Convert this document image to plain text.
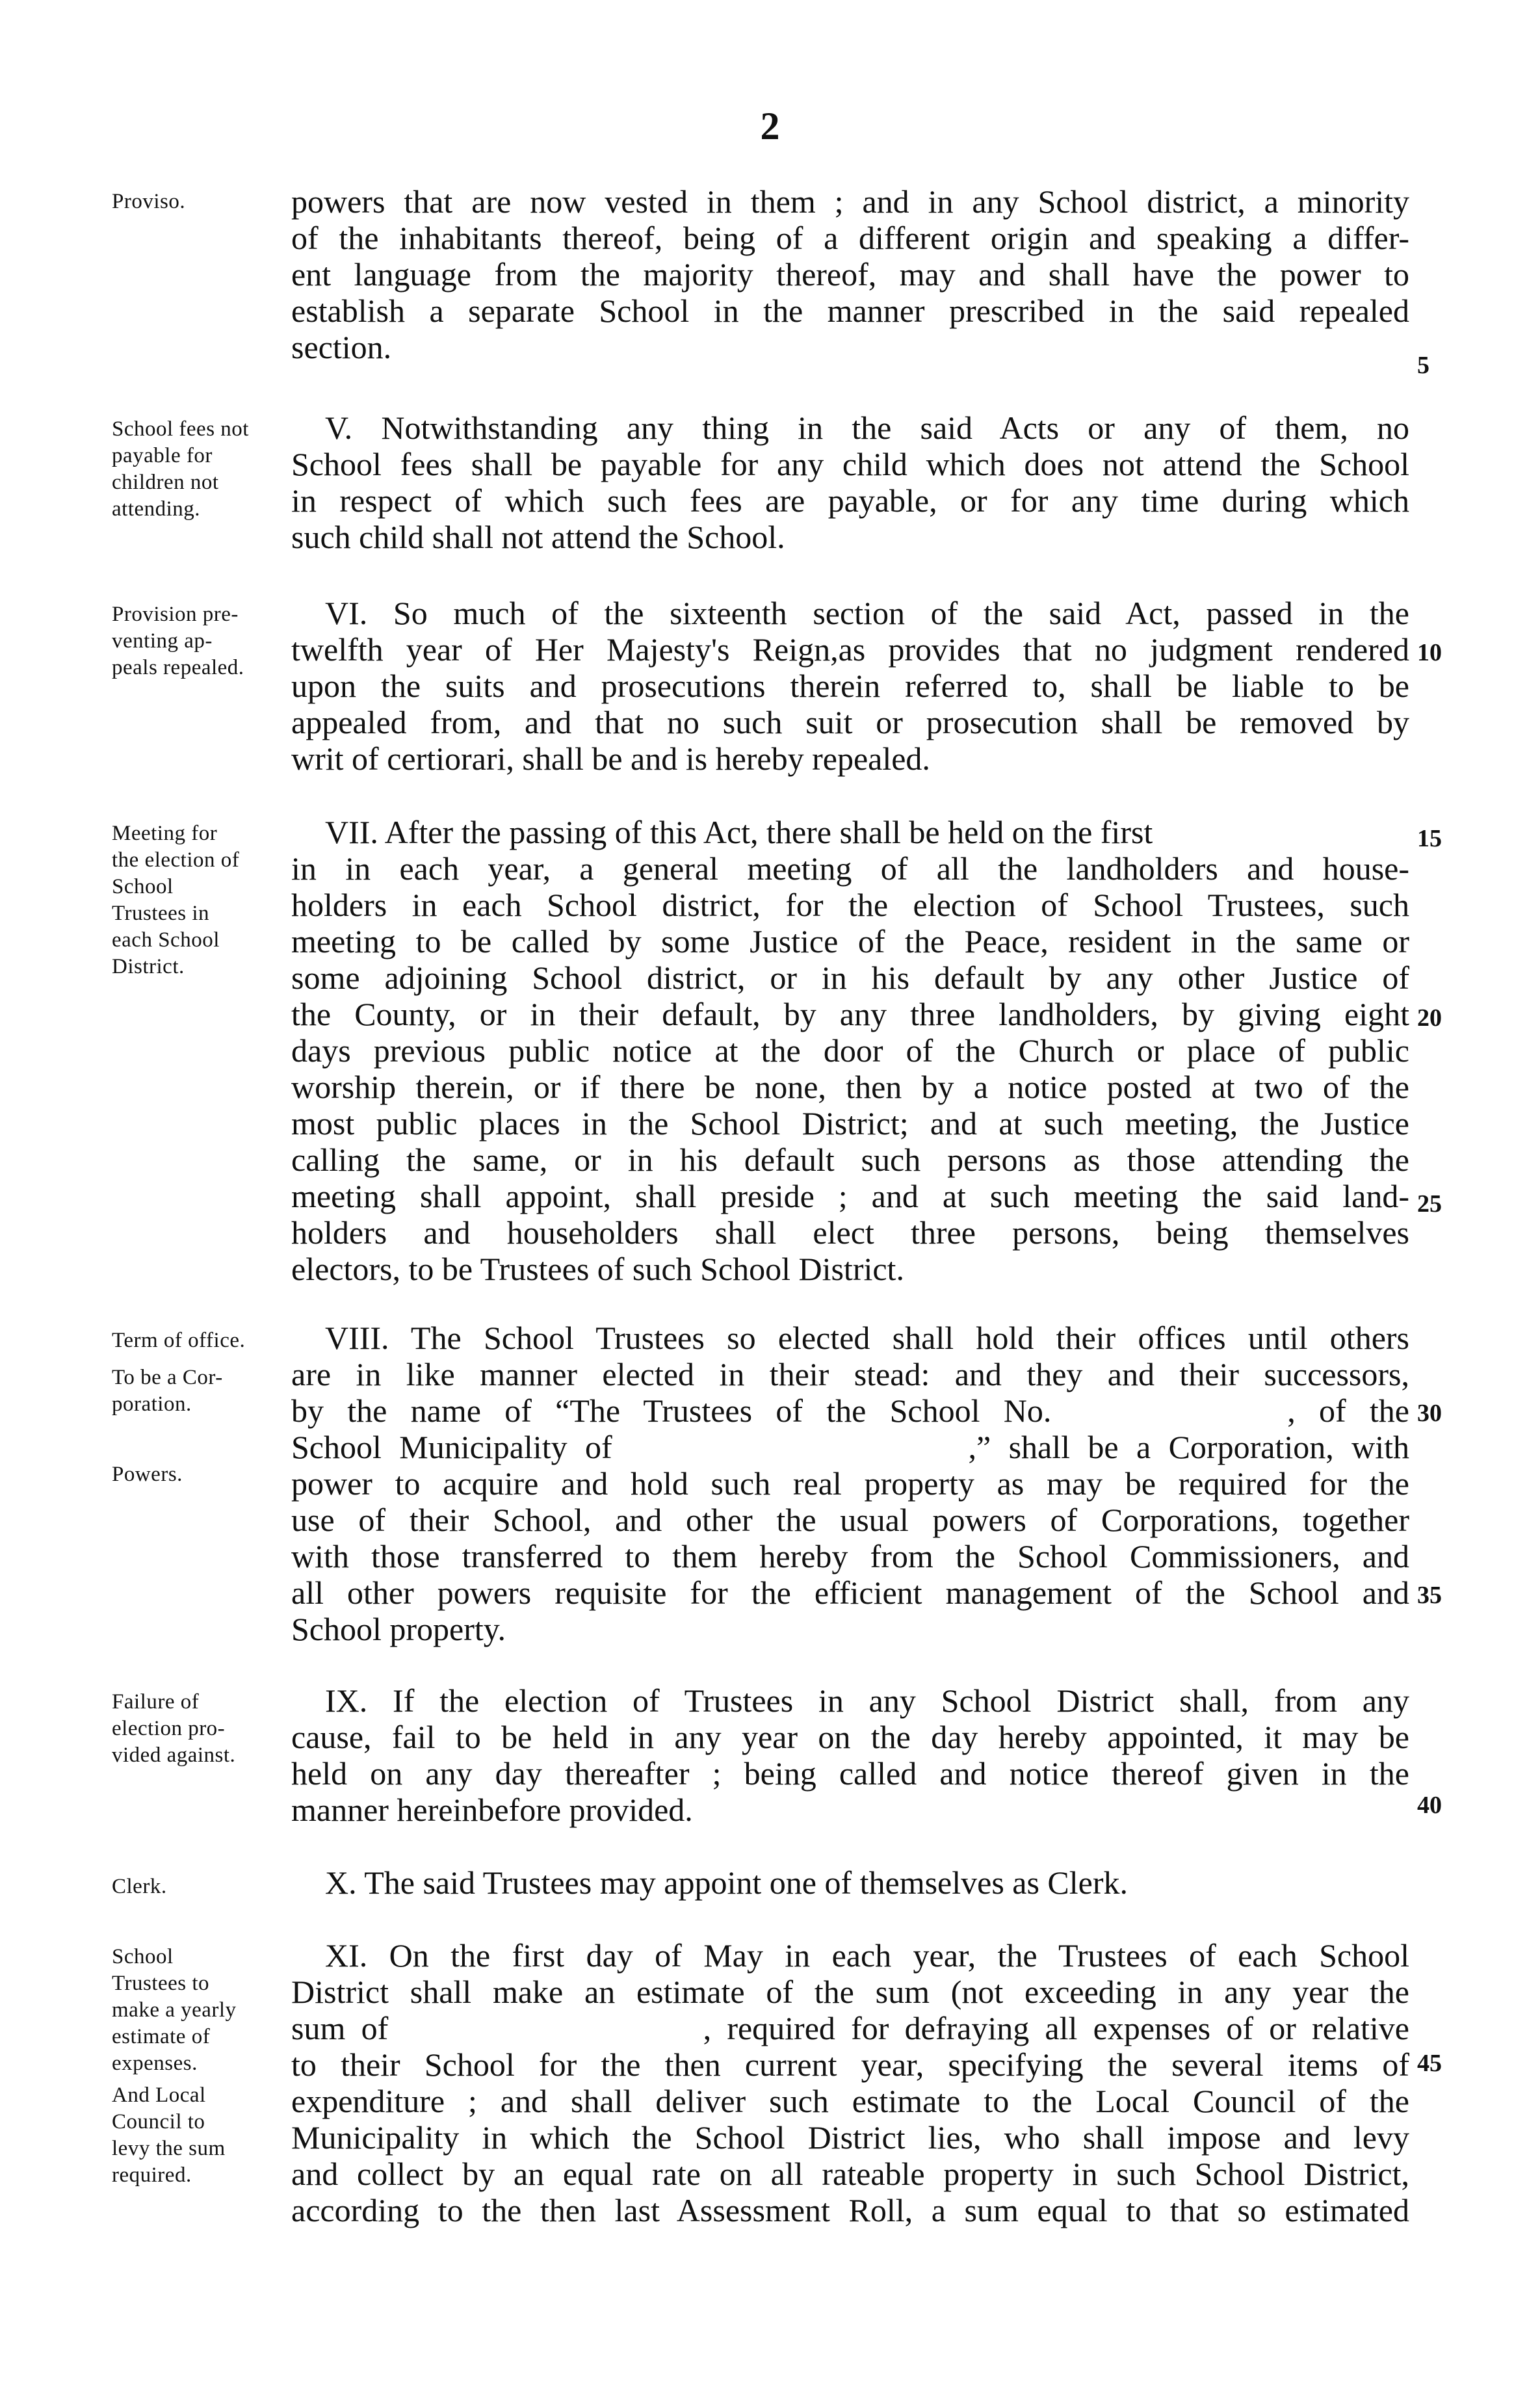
2
Proviso.	powers that are now vested in them ; and in any School district, a minority
of the inhabitants thereof, being of a different origin and speaking a differ-
ent language from the majority thereof, may and shall have the power to
establish a separate School in the manner prescribed in the said repealed
section.	5
School fees not
payable for
children not
attending.
V. Notwithstanding any thing in the said Acts or any of them, no
School fees shall be payable for any child which does not attend the School
in respect of which such fees are payable, or for any time during which
such child shall not attend the School.
Provision pre-
venting ap-
peals repealed.
VI. So much of the sixteenth section of the said Act, passed in the
twelfth year of Her Majesty's Reign,as provides that no judgment rendered
upon the suits and prosecutions therein referred to, shall be liable to be
appealed from, and that no such suit or prosecution shall be removed by
writ of certiorari, shall be and is hereby repealed.
10
Meeting for
the election of
School
Trustees in
each School
District.
VII. After the passing of this Act, there shall be held on the first
in in each year, a general meeting of all the landholders and house-
holders in each School district, for the election of School Trustees, such
meeting to be called by some Justice of the Peace, resident in the same or
some adjoining School district, or in his default by any other Justice of
the County, or in their default, by any three landholders, by giving eight
days previous public notice at the door of the Church or place of public
worship therein, or if there be none, then by a notice posted at two of the
most public places in the School District; and at such meeting, the Justice
calling the same, or in his default such persons as those attending the
meeting shall appoint, shall preside ; and at such meeting the said land-
holders and householders shall elect three persons, being themselves
electors, to be Trustees of such School District.
15
20
25
Term of office.
To be a Cor-
poration.
Powers.
VIII. The School Trustees so elected shall hold their offices until others
are in like manner elected in their stead: and they and their successors,
by the name of “The Trustees of the School No.          , of the
School Municipality of                    ,” shall be a Corporation, with
power to acquire and hold such real property as may be required for the
use of their School, and other the usual powers of Corporations, together
with those transferred to them hereby from the School Commissioners, and
all other powers requisite for the efficient management of the School and
School property.
30
35
Failure of
election pro-
vided against.
IX. If the election of Trustees in any School District shall, from any
cause, fail to be held in any year on the day hereby appointed, it may be
held on any day thereafter ; being called and notice thereof given in the
manner hereinbefore provided.	40
Clerk.	X. The said Trustees may appoint one of themselves as Clerk.
School
Trustees to
make a yearly
estimate of
expenses.
And Local
Council to
levy the sum
required.
XI. On the first day of May in each year, the Trustees of each School
District shall make an estimate of the sum (not exceeding in any year the
sum of                    , required for defraying all expenses of or relative
to their School for the then current year, specifying the several items of
expenditure ; and shall deliver such estimate to the Local Council of the
Municipality in which the School District lies, who shall impose and levy
and collect by an equal rate on all rateable property in such School District,
according to the then last Assessment Roll, a sum equal to that so estimated
45
